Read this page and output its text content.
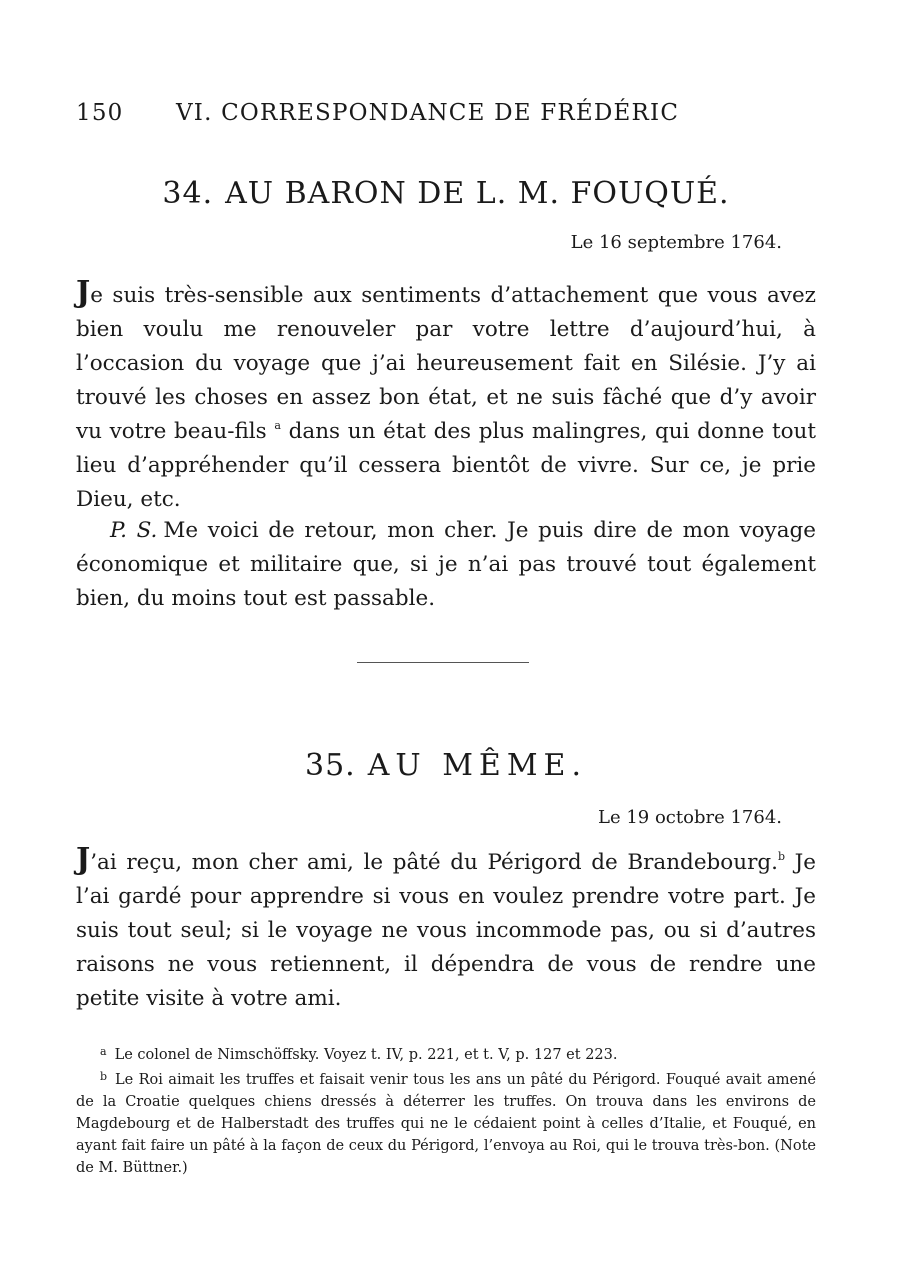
150 VI. CORRESPONDANCE DE FRÉDÉRIC
34. AU BARON DE L. M. FOUQUÉ.
Le 16 septembre 1764.
Je suis très-sensible aux sentiments d’attachement que vous avez bien voulu me renouveler par votre lettre d’aujourd’hui, à l’occasion du voyage que j’ai heureusement fait en Silésie. J’y ai trouvé les choses en assez bon état, et ne suis fâché que d’y avoir vu votre beau-fils $^a$ dans un état des plus malingres, qui donne tout lieu d’appréhender qu’il cessera bientôt de vivre. Sur ce, je prie Dieu, etc.
P. S. Me voici de retour, mon cher. Je puis dire de mon voyage économique et militaire que, si je n’ai pas trouvé tout également bien, du moins tout est passable.
35. AU MÊME.
Le 19 octobre 1764.
J’ai reçu, mon cher ami, le pâté du Périgord de Brandebourg.$^b$ Je l’ai gardé pour apprendre si vous en voulez prendre votre part. Je suis tout seul; si le voyage ne vous incommode pas, ou si d’autres raisons ne vous retiennent, il dépendra de vous de rendre une petite visite à votre ami.

$^a$ Le colonel de Nimschöffsky. Voyez t. IV, p. 221, et t. V, p. 127 et 223.

$^b$ Le Roi aimait les truffes et faisait venir tous les ans un pâté du Périgord. Fouqué avait amené de la Croatie quelques chiens dressés à déterrer les truffes. On trouva dans les environs de Magdebourg et de Halberstadt des truffes qui ne le cédaient point à celles d’Italie, et Fouqué, en ayant fait faire un pâté à la façon de ceux du Périgord, l’envoya au Roi, qui le trouva très-bon. (Note de M. Büttner.)
